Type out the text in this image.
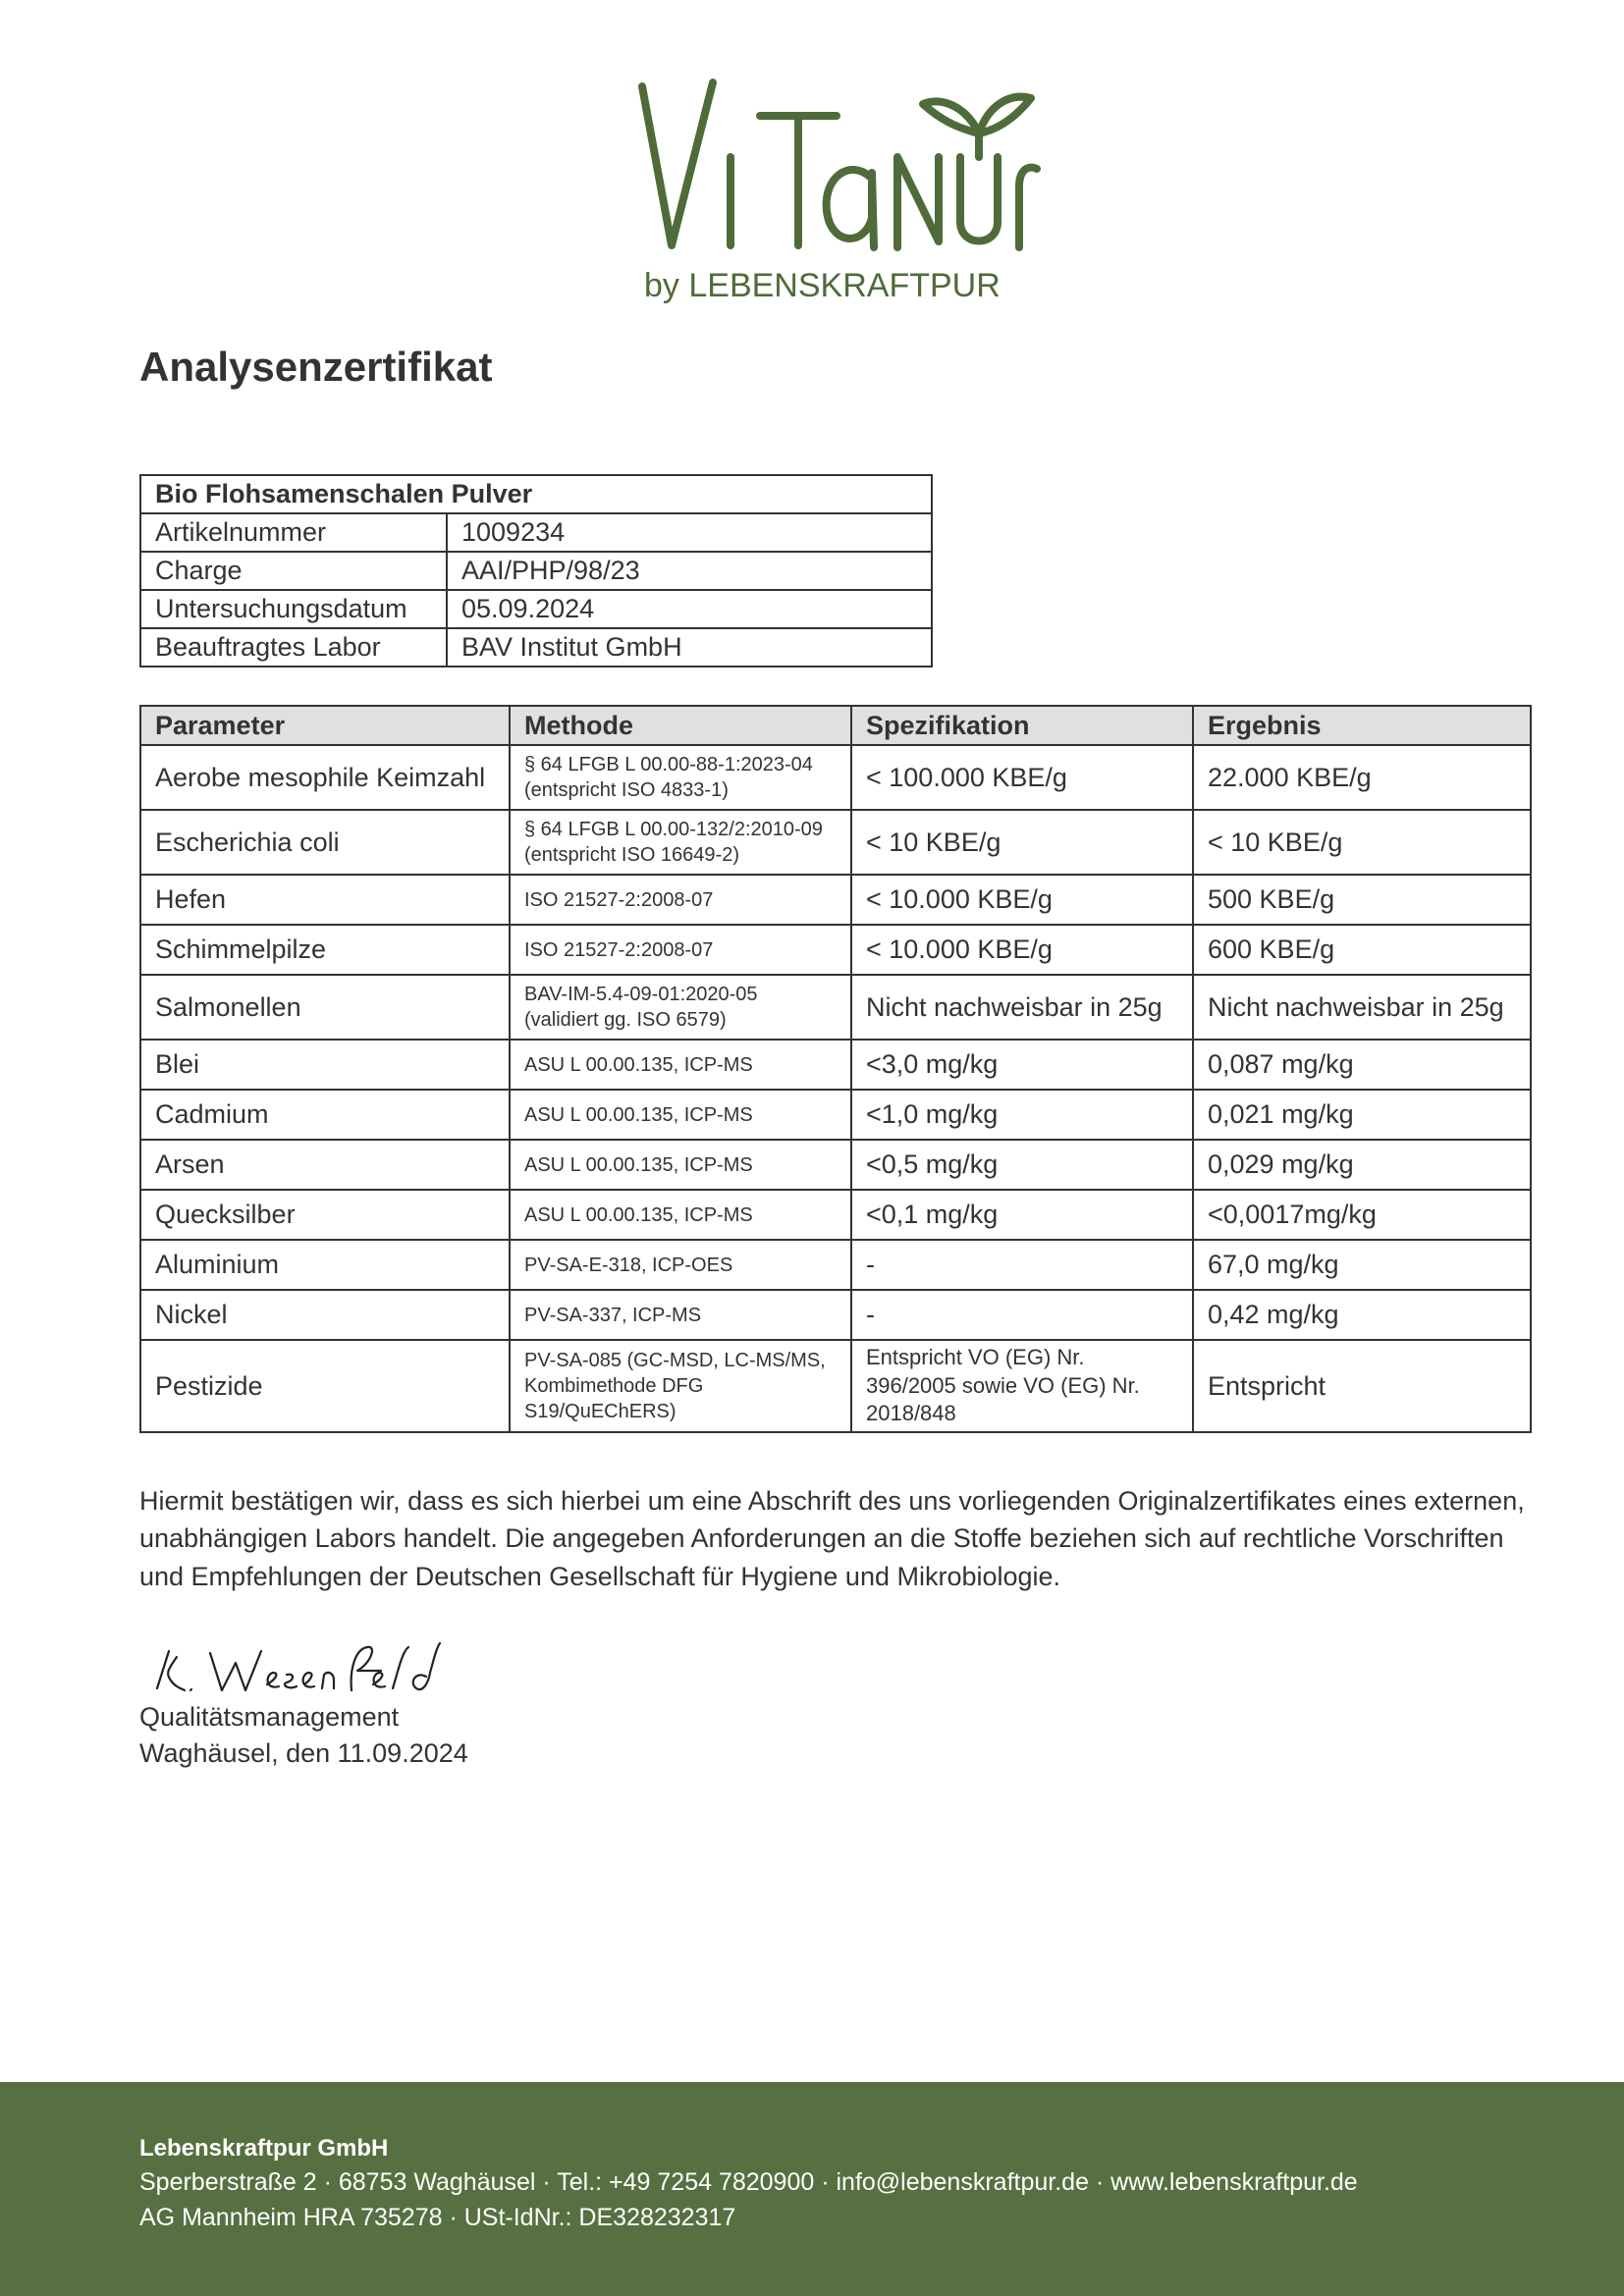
by LEBENSKRAFTPUR
Analysenzertifikat
Bio Flohsamenschalen Pulver	
Artikelnummer	1009234
Charge	AAI/PHP/98/23
Untersuchungsdatum	05.09.2024
Beauftragtes Labor	BAV Institut GmbH
Parameter	Methode	Spezifikation	Ergebnis
Aerobe mesophile Keimzahl	§ 64 LFGB L 00.00-88-1:2023-04 (entspricht ISO 4833-1)	< 100.000 KBE/g	22.000 KBE/g
Escherichia coli	§ 64 LFGB L 00.00-132/2:2010-09 (entspricht ISO 16649-2)	< 10 KBE/g	< 10 KBE/g
Hefen	ISO 21527-2:2008-07	< 10.000 KBE/g	500 KBE/g
Schimmelpilze	ISO 21527-2:2008-07	< 10.000 KBE/g	600 KBE/g
Salmonellen	BAV-IM-5.4-09-01:2020-05 (validiert gg. ISO 6579)	Nicht nachweisbar in 25g	Nicht nachweisbar in 25g
Blei	ASU L 00.00.135, ICP-MS	<3,0 mg/kg	0,087 mg/kg
Cadmium	ASU L 00.00.135, ICP-MS	<1,0 mg/kg	0,021 mg/kg
Arsen	ASU L 00.00.135, ICP-MS	<0,5 mg/kg	0,029 mg/kg
Quecksilber	ASU L 00.00.135, ICP-MS	<0,1 mg/kg	<0,0017mg/kg
Aluminium	PV-SA-E-318, ICP-OES	-	67,0 mg/kg
Nickel	PV-SA-337, ICP-MS	-	0,42 mg/kg
Pestizide	PV-SA-085 (GC-MSD, LC-MS/MS, Kombimethode DFG S19/QuEChERS)	Entspricht VO (EG) Nr. 396/2005 sowie VO (EG) Nr. 2018/848	Entspricht

Hiermit bestätigen wir, dass es sich hierbei um eine Abschrift des uns vorliegenden Originalzertifikates eines externen, unabhängigen Labors handelt. Die angegeben Anforderungen an die Stoffe beziehen sich auf rechtliche Vorschriften und Empfehlungen der Deutschen Gesellschaft für Hygiene und Mikrobiologie.

Qualitätsmanagement
Waghäusel, den 11.09.2024
Lebenskraftpur GmbH
Sperberstraße 2 · 68753 Waghäusel · Tel.: +49 7254 7820900 · info@lebenskraftpur.de · www.lebenskraftpur.de
AG Mannheim HRA 735278 · USt-IdNr.: DE328232317
